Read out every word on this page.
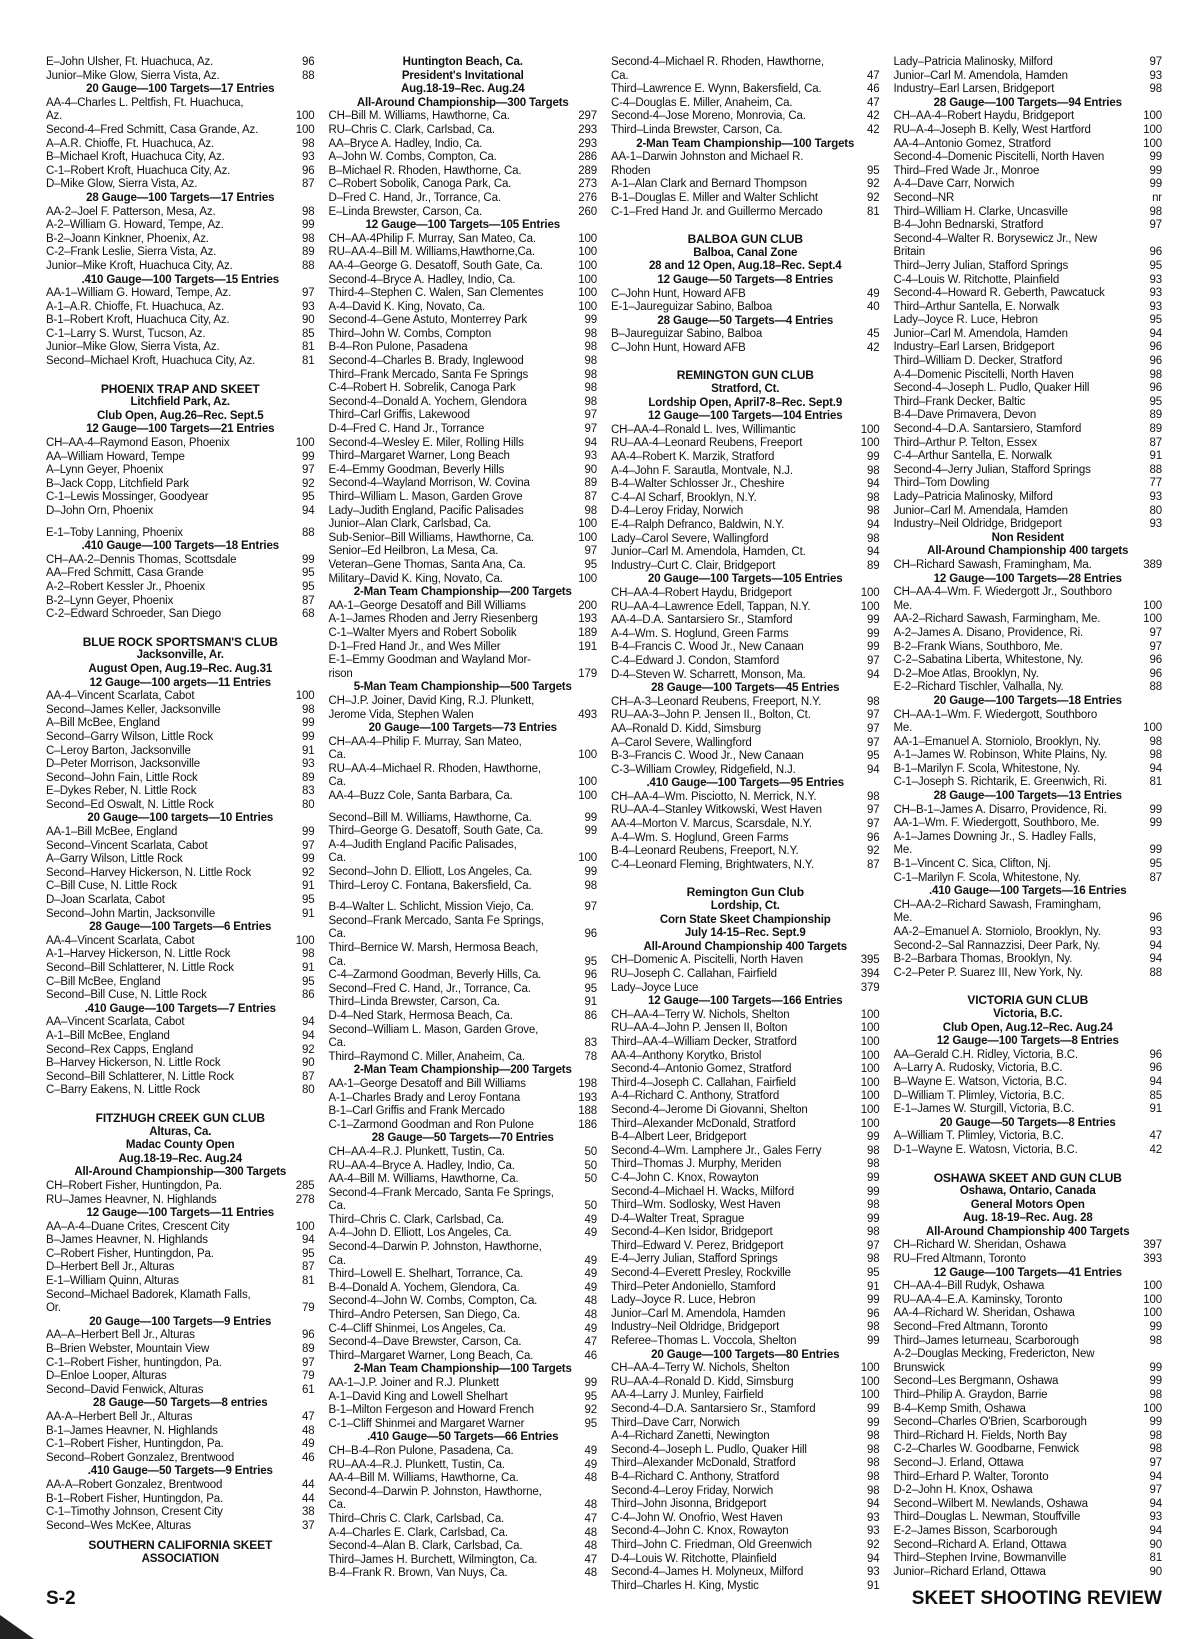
E–John Ulsher, Ft. Huachuca, Az.	96
Junior–Mike Glow, Sierra Vista, Az.	88
20 Gauge—100 Targets—17 Entries
AA-4–Charles L. Peltfish, Ft. Huachuca,
Az.	100
Second-4–Fred Schmitt, Casa Grande, Az.	100
A–A.R. Chioffe, Ft. Huachuca, Az.	98
B–Michael Kroft, Huachuca City, Az.	93
C-1–Robert Kroft, Huachuca City, Az.	96
D–Mike Glow, Sierra Vista, Az.	87
28 Gauge—100 Targets—17 Entries
AA-2–Joel F. Patterson, Mesa, Az.	98
A-2–William G. Howard, Tempe, Az.	99
B-2–Joann Kinkner, Phoenix, Az.	98
C-2–Frank Leslie, Sierra Vista, Az.	89
Junior–Mike Kroft, Huachuca City, Az.	88
.410 Gauge—100 Targets—15 Entries
AA-1–William G. Howard, Tempe, Az.	97
A-1–A.R. Chioffe, Ft. Huachuca, Az.	93
B-1–Robert Kroft, Huachuca City, Az.	90
C-1–Larry S. Wurst, Tucson, Az.	85
Junior–Mike Glow, Sierra Vista, Az.	81
Second–Michael Kroft, Huachuca City, Az.	81
PHOENIX TRAP AND SKEET
Litchfield Park, Az.
Club Open, Aug.26–Rec. Sept.5
12 Gauge—100 Targets—21 Entries
CH–AA-4–Raymond Eason, Phoenix	100
AA–William Howard, Tempe	99
A–Lynn Geyer, Phoenix	97
B–Jack Copp, Litchfield Park	92
C-1–Lewis Mossinger, Goodyear	95
D–John Orn, Phoenix	94
E-1–Toby Lanning, Phoenix	88
.410 Gauge—100 Targets—18 Entries
CH–AA-2–Dennis Thomas, Scottsdale	99
AA–Fred Schmitt, Casa Grande	95
A-2–Robert Kessler Jr., Phoenix	95
B-2–Lynn Geyer, Phoenix	87
C-2–Edward Schroeder, San Diego	68
BLUE ROCK SPORTSMAN'S CLUB
Jacksonville, Ar.
August Open, Aug.19–Rec. Aug.31
12 Gauge—100 argets—11 Entries
AA-4–Vincent Scarlata, Cabot	100
Second–James Keller, Jacksonville	98
A–Bill McBee, England	99
Second–Garry Wilson, Little Rock	99
C–Leroy Barton, Jacksonville	91
D–Peter Morrison, Jacksonville	93
Second–John Fain, Little Rock	89
E–Dykes Reber, N. Little Rock	83
Second–Ed Oswalt, N. Little Rock	80
20 Gauge—100 targets—10 Entries
AA-1–Bill McBee, England	99
Second–Vincent Scarlata, Cabot	97
A–Garry Wilson, Little Rock	99
Second–Harvey Hickerson, N. Little Rock	92
C–Bill Cuse, N. Little Rock	91
D–Joan Scarlata, Cabot	95
Second–John Martin, Jacksonville	91
28 Gauge—100 Targets—6 Entries
AA-4–Vincent Scarlata, Cabot	100
A-1–Harvey Hickerson, N. Little Rock	98
Second–Bill Schlatterer, N. Little Rock	91
C–Bill McBee, England	95
Second–Bill Cuse, N. Little Rock	86
.410 Gauge—100 Targets—7 Entries
AA–Vincent Scarlata, Cabot	94
A-1–Bill McBee, England	94
Second–Rex Capps, England	92
B–Harvey Hickerson, N. Little Rock	90
Second–Bill Schlatterer, N. Little Rock	87
C–Barry Eakens, N. Little Rock	80
FITZHUGH CREEK GUN CLUB
Alturas, Ca.
Madac County Open
Aug.18-19–Rec. Aug.24
All-Around Championship—300 Targets
CH–Robert Fisher, Huntingdon, Pa.	285
RU–James Heavner, N. Highlands	278
12 Gauge—100 Targets—11 Entries
AA–A-4–Duane Crites, Crescent City	100
B–James Heavner, N. Highlands	94
C–Robert Fisher, Huntingdon, Pa.	95
D–Herbert Bell Jr., Alturas	87
E-1–William Quinn, Alturas	81
Second–Michael Badorek, Klamath Falls,
Or.	79
20 Gauge—100 Targets—9 Entries
AA–A–Herbert Bell Jr., Alturas	96
B–Brien Webster, Mountain View	89
C-1–Robert Fisher, huntingdon, Pa.	97
D–Enloe Looper, Alturas	79
Second–David Fenwick, Alturas	61
28 Gauge—50 Targets—8 entries
AA-A–Herbert Bell Jr., Alturas	47
B-1–James Heavner, N. Highlands	48
C-1–Robert Fisher, Huntingdon, Pa.	49
Second–Robert Gonzalez, Brentwood	46
.410 Gauge—50 Targets—9 Entries
AA-A–Robert Gonzalez, Brentwood	44
B-1–Robert Fisher, Huntingdon, Pa.	44
C-1–Timothy Johnson, Cresent City	38
Second–Wes McKee, Alturas	37
SOUTHERN CALIFORNIA SKEET
ASSOCIATION
Huntington Beach, Ca.
President's Invitational
Aug.18-19–Rec. Aug.24
All-Around Championship—300 Targets
CH–Bill M. Williams, Hawthorne, Ca.	297
RU–Chris C. Clark, Carlsbad, Ca.	293
AA–Bryce A. Hadley, Indio, Ca.	293
A–John W. Combs, Compton, Ca.	286
B–Michael R. Rhoden, Hawthorne, Ca.	289
C–Robert Sobolik, Canoga Park, Ca.	273
D–Fred C. Hand, Jr., Torrance, Ca.	276
E–Linda Brewster, Carson, Ca.	260
12 Gauge—100 Targets—105 Entries
CH–AA-4Philip F. Murray, San Mateo, Ca.	100
RU–AA-4–Bill M. Williams,Hawthorne,Ca.	100
AA-4–George G. Desatoff, South Gate, Ca.	100
Second-4–Bryce A. Hadley, Indio, Ca.	100
Third-4–Stephen C. Walen, San Clementes	100
A-4–David K. King, Novato, Ca.	100
Second-4–Gene Astuto, Monterrey Park	99
Third–John W. Combs, Compton	98
B-4–Ron Pulone, Pasadena	98
Second-4–Charles B. Brady, Inglewood	98
Third–Frank Mercado, Santa Fe Springs	98
C-4–Robert H. Sobrelik, Canoga Park	98
Second-4–Donald A. Yochem, Glendora	98
Third–Carl Griffis, Lakewood	97
D-4–Fred C. Hand Jr., Torrance	97
Second-4–Wesley E. Miler, Rolling Hills	94
Third–Margaret Warner, Long Beach	93
E-4–Emmy Goodman, Beverly Hills	90
Second-4–Wayland Morrison, W. Covina	89
Third–William L. Mason, Garden Grove	87
Lady–Judith England, Pacific Palisades	98
Junior–Alan Clark, Carlsbad, Ca.	100
Sub-Senior–Bill Williams, Hawthorne, Ca.	100
Senior–Ed Heilbron, La Mesa, Ca.	97
Veteran–Gene Thomas, Santa Ana, Ca.	95
Military–David K. King, Novato, Ca.	100
2-Man Team Championship—200 Targets
AA-1–George Desatoff and Bill Williams	200
A-1–James Rhoden and Jerry Riesenberg	193
C-1–Walter Myers and Robert Sobolik	189
D-1–Fred Hand Jr., and Wes Miller	191
E-1–Emmy Goodman and Wayland Mor-
rison	179
5-Man Team Championship—500 Targets
CH–J.P. Joiner, David King, R.J. Plunkett,
Jerome Vida, Stephen Walen	493
20 Gauge—100 Targets—73 Entries
CH–AA-4–Philip F. Murray, San Mateo,
Ca.	100
RU–AA-4–Michael R. Rhoden, Hawthorne,
Ca.	100
AA-4–Buzz Cole, Santa Barbara, Ca.	100
Second–Bill M. Williams, Hawthorne, Ca.	99
Third–George G. Desatoff, South Gate, Ca.	99
A-4–Judith England Pacific Palisades,
Ca.	100
Second–John D. Elliott, Los Angeles, Ca.	99
Third–Leroy C. Fontana, Bakersfield, Ca.	98
B-4–Walter L. Schlicht, Mission Viejo, Ca.	97
Second–Frank Mercado, Santa Fe Springs,
Ca.	96
Third–Bernice W. Marsh, Hermosa Beach,
Ca.	95
C-4–Zarmond Goodman, Beverly Hills, Ca.	96
Second–Fred C. Hand, Jr., Torrance, Ca.	95
Third–Linda Brewster, Carson, Ca.	91
D-4–Ned Stark, Hermosa Beach, Ca.	86
Second–William L. Mason, Garden Grove,
Ca.	83
Third–Raymond C. Miller, Anaheim, Ca.	78
2-Man Team Championship—200 Targets
AA-1–George Desatoff and Bill Williams	198
A-1–Charles Brady and Leroy Fontana	193
B-1–Carl Griffis and Frank Mercado	188
C-1–Zarmond Goodman and Ron Pulone	186
28 Gauge—50 Targets—70 Entries
CH–AA-4–R.J. Plunkett, Tustin, Ca.	50
RU–AA-4–Bryce A. Hadley, Indio, Ca.	50
AA-4–Bill M. Williams, Hawthorne, Ca.	50
Second-4–Frank Mercado, Santa Fe Springs,
Ca.	50
Third–Chris C. Clark, Carlsbad, Ca.	49
A-4–John D. Elliott, Los Angeles, Ca.	49
Second-4–Darwin P. Johnston, Hawthorne,
Ca.	49
Third–Lowell E. Shelhart, Torrance, Ca.	49
B-4–Donald A. Yochem, Glendora, Ca.	49
Second-4–John W. Combs, Compton, Ca.	48
Third–Andro Petersen, San Diego, Ca.	48
C-4–Cliff Shinmei, Los Angeles, Ca.	49
Second-4–Dave Brewster, Carson, Ca.	47
Third–Margaret Warner, Long Beach, Ca.	46
2-Man Team Championship—100 Targets
AA-1–J.P. Joiner and R.J. Plunkett	99
A-1–David King and Lowell Shelhart	95
B-1–Milton Fergeson and Howard French	92
C-1–Cliff Shinmei and Margaret Warner	95
.410 Gauge—50 Targets—66 Entries
CH–B-4–Ron Pulone, Pasadena, Ca.	49
RU–AA-4–R.J. Plunkett, Tustin, Ca.	49
AA-4–Bill M. Williams, Hawthorne, Ca.	48
Second-4–Darwin P. Johnston, Hawthorne,
Ca.	48
Third–Chris C. Clark, Carlsbad, Ca.	47
A-4–Charles E. Clark, Carlsbad, Ca.	48
Second-4–Alan B. Clark, Carlsbad, Ca.	48
Third–James H. Burchett, Wilmington, Ca.	47
B-4–Frank R. Brown, Van Nuys, Ca.	48
Second-4–Michael R. Rhoden, Hawthorne,
Ca.	47
Third–Lawrence E. Wynn, Bakersfield, Ca.	46
C-4–Douglas E. Miller, Anaheim, Ca.	47
Second-4–Jose Moreno, Monrovia, Ca.	42
Third–Linda Brewster, Carson, Ca.	42
2-Man Team Championship—100 Targets
AA-1–Darwin Johnston and Michael R.
Rhoden	95
A-1–Alan Clark and Bernard Thompson	92
B-1–Douglas E. Miller and Walter Schlicht	92
C-1–Fred Hand Jr. and Guillermo Mercado	81
BALBOA GUN CLUB
Balboa, Canal Zone
28 and 12 Open, Aug.18–Rec. Sept.4
12 Gauge—50 Targets—8 Entries
C–John Hunt, Howard AFB	49
E-1–Jaureguizar Sabino, Balboa	40
28 Gauge—50 Targets—4 Entries
B–Jaureguizar Sabino, Balboa	45
C–John Hunt, Howard AFB	42
REMINGTON GUN CLUB
Stratford, Ct.
Lordship Open, April7-8–Rec. Sept.9
12 Gauge—100 Targets—104 Entries
CH–AA-4–Ronald L. Ives, Willimantic	100
RU–AA-4–Leonard Reubens, Freeport	100
AA-4–Robert K. Marzik, Stratford	99
A-4–John F. Sarautla, Montvale, N.J.	98
B-4–Walter Schlosser Jr., Cheshire	94
C-4–Al Scharf, Brooklyn, N.Y.	98
D-4–Leroy Friday, Norwich	98
E-4–Ralph Defranco, Baldwin, N.Y.	94
Lady–Carol Severe, Wallingford	98
Junior–Carl M. Amendola, Hamden, Ct.	94
Industry–Curt C. Clair, Bridgeport	89
20 Gauge—100 Targets—105 Entries
CH–AA-4–Robert Haydu, Bridgeport	100
RU–AA-4–Lawrence Edell, Tappan, N.Y.	100
AA-4–D.A. Santarsiero Sr., Stamford	99
A-4–Wm. S. Hoglund, Green Farms	99
B-4–Francis C. Wood Jr., New Canaan	99
C-4–Edward J. Condon, Stamford	97
D-4–Steven W. Scharrett, Monson, Ma.	94
28 Gauge—100 Targets—45 Entries
CH–A-3–Leonard Reubens, Freeport, N.Y.	98
RU–AA-3–John P. Jensen II., Bolton, Ct.	97
AA–Ronald D. Kidd, Simsburg	97
A–Carol Severe, Wallingford	97
B-3–Francis C. Wood Jr., New Canaan	95
C-3–William Crowley, Ridgefield, N.J.	94
.410 Gauge—100 Targets—95 Entries
CH–AA-4–Wm. Pisciotto, N. Merrick, N.Y.	98
RU–AA-4–Stanley Witkowski, West Haven	97
AA-4–Morton V. Marcus, Scarsdale, N.Y.	97
A-4–Wm. S. Hoglund, Green Farms	96
B-4–Leonard Reubens, Freeport, N.Y.	92
C-4–Leonard Fleming, Brightwaters, N.Y.	87
Remington Gun Club
Lordship, Ct.
Corn State Skeet Championship
July 14-15–Rec. Sept.9
All-Around Championship 400 Targets
CH–Domenic A. Piscitelli, North Haven	395
RU–Joseph C. Callahan, Fairfield	394
Lady–Joyce Luce	379
12 Gauge—100 Targets—166 Entries
CH–AA-4–Terry W. Nichols, Shelton	100
RU–AA-4–John P. Jensen II, Bolton	100
Third–AA-4–William Decker, Stratford	100
AA-4–Anthony Korytko, Bristol	100
Second-4–Antonio Gomez, Stratford	100
Third-4–Joseph C. Callahan, Fairfield	100
A-4–Richard C. Anthony, Stratford	100
Second-4–Jerome Di Giovanni, Shelton	100
Third–Alexander McDonald, Stratford	100
B-4–Albert Leer, Bridgeport	99
Second-4–Wm. Lamphere Jr., Gales Ferry	98
Third–Thomas J. Murphy, Meriden	98
C-4–John C. Knox, Rowayton	99
Second-4–Michael H. Wacks, Milford	99
Third–Wm. Sodlosky, West Haven	98
D-4–Walter Treat, Sprague	99
Second-4–Ken Isidor, Bridgeport	98
Third–Edward V. Perez, Bridgeport	97
E-4–Jerry Julian, Stafford Springs	98
Second-4–Everett Presley, Rockville	95
Third–Peter Andoniello, Stamford	91
Lady–Joyce R. Luce, Hebron	99
Junior–Carl M. Amendola, Hamden	96
Industry–Neil Oldridge, Bridgeport	98
Referee–Thomas L. Voccola, Shelton	99
20 Gauge—100 Targets—80 Entries
CH–AA-4–Terry W. Nichols, Shelton	100
RU–AA-4–Ronald D. Kidd, Simsburg	100
AA-4–Larry J. Munley, Fairfield	100
Second-4–D.A. Santarsiero Sr., Stamford	99
Third–Dave Carr, Norwich	99
A-4–Richard Zanetti, Newington	98
Second-4–Joseph L. Pudlo, Quaker Hill	98
Third–Alexander McDonald, Stratford	98
B-4–Richard C. Anthony, Stratford	98
Second-4–Leroy Friday, Norwich	98
Third–John Jisonna, Bridgeport	94
C-4–John W. Onofrio, West Haven	93
Second-4–John C. Knox, Rowayton	93
Third–John C. Friedman, Old Greenwich	92
D-4–Louis W. Ritchotte, Plainfield	94
Second-4–James H. Molyneux, Milford	93
Third–Charles H. King, Mystic	91
Lady–Patricia Malinosky, Milford	97
Junior–Carl M. Amendola, Hamden	93
Industry–Earl Larsen, Bridgeport	98
28 Gauge—100 Targets—94 Entries
CH–AA-4–Robert Haydu, Bridgeport	100
RU–A-4–Joseph B. Kelly, West Hartford	100
AA-4–Antonio Gomez, Stratford	100
Second-4–Domenic Piscitelli, North Haven	99
Third–Fred Wade Jr., Monroe	99
A-4–Dave Carr, Norwich	99
Second–NR	nr
Third–William H. Clarke, Uncasville	98
B-4–John Bednarski, Stratford	97
Second-4–Walter R. Borysewicz Jr., New
Britain	96
Third–Jerry Julian, Stafford Springs	95
C-4–Louis W. Ritchotte, Plainfield	93
Second-4–Howard R. Geberth, Pawcatuck	93
Third–Arthur Santella, E. Norwalk	93
Lady–Joyce R. Luce, Hebron	95
Junior–Carl M. Amendola, Hamden	94
Industry–Earl Larsen, Bridgeport	96
Third–William D. Decker, Stratford	96
A-4–Domenic Piscitelli, North Haven	98
Second-4–Joseph L. Pudlo, Quaker Hill	96
Third–Frank Decker, Baltic	95
B-4–Dave Primavera, Devon	89
Second-4–D.A. Santarsiero, Stamford	89
Third–Arthur P. Telton, Essex	87
C-4–Arthur Santella, E. Norwalk	91
Second-4–Jerry Julian, Stafford Springs	88
Third–Tom Dowling	77
Lady–Patricia Malinosky, Milford	93
Junior–Carl M. Amendala, Hamden	80
Industry–Neil Oldridge, Bridgeport	93
Non Resident
All-Around Championship 400 targets
CH–Richard Sawash, Framingham, Ma.	389
12 Gauge—100 Targets—28 Entries
CH–AA-4–Wm. F. Wiedergott Jr., Southboro
Me.	100
AA-2–Richard Sawash, Farmingham, Me.	100
A-2–James A. Disano, Providence, Ri.	97
B-2–Frank Wians, Southboro, Me.	97
C-2–Sabatina Liberta, Whitestone, Ny.	96
D-2–Moe Atlas, Brooklyn, Ny.	96
E-2–Richard Tischler, Valhalla, Ny.	88
20 Gauge—100 Targets—18 Entries
CH–AA-1–Wm. F. Wiedergott, Southboro
Me.	100
AA-1–Emanuel A. Storniolo, Brooklyn, Ny.	98
A-1–James W. Robinson, White Plains, Ny.	98
B-1–Marilyn F. Scola, Whitestone, Ny.	94
C-1–Joseph S. Richtarik, E. Greenwich, Ri.	81
28 Gauge—100 Targets—13 Entries
CH–B-1–James A. Disarro, Providence, Ri.	99
AA-1–Wm. F. Wiedergott, Southboro, Me.	99
A-1–James Downing Jr., S. Hadley Falls,
Me.	99
B-1–Vincent C. Sica, Clifton, Nj.	95
C-1–Marilyn F. Scola, Whitestone, Ny.	87
.410 Gauge—100 Targets—16 Entries
CH–AA-2–Richard Sawash, Framingham,
Me.	96
AA-2–Emanuel A. Storniolo, Brooklyn, Ny.	93
Second-2–Sal Rannazzisi, Deer Park, Ny.	94
B-2–Barbara Thomas, Brooklyn, Ny.	94
C-2–Peter P. Suarez III, New York, Ny.	88
VICTORIA GUN CLUB
Victoria, B.C.
Club Open, Aug.12–Rec. Aug.24
12 Gauge—100 Targets—8 Entries
AA–Gerald C.H. Ridley, Victoria, B.C.	96
A–Larry A. Rudosky, Victoria, B.C.	96
B–Wayne E. Watson, Victoria, B.C.	94
D–William T. Plimley, Victoria, B.C.	85
E-1–James W. Sturgill, Victoria, B.C.	91
20 Gauge—50 Targets—8 Entries
A–William T. Plimley, Victoria, B.C.	47
D-1–Wayne E. Watosn, Victoria, B.C.	42
OSHAWA SKEET AND GUN CLUB
Oshawa, Ontario, Canada
General Motors Open
Aug. 18-19–Rec. Aug. 28
All-Around Championship 400 Targets
CH–Richard W. Sheridan, Oshawa	397
RU–Fred Altmann, Toronto	393
12 Gauge—100 Targets—41 Entries
CH–AA-4–Bill Rudyk, Oshawa	100
RU–AA-4–E.A. Kaminsky, Toronto	100
AA-4–Richard W. Sheridan, Oshawa	100
Second–Fred Altmann, Toronto	99
Third–James Ieturneau, Scarborough	98
A-2–Douglas Mecking, Fredericton, New
Brunswick	99
Second–Les Bergmann, Oshawa	99
Third–Philip A. Graydon, Barrie	98
B-4–Kemp Smith, Oshawa	100
Second–Charles O'Brien, Scarborough	99
Third–Richard H. Fields, North Bay	98
C-2–Charles W. Goodbarne, Fenwick	98
Second–J. Erland, Ottawa	97
Third–Erhard P. Walter, Toronto	94
D-2–John H. Knox, Oshawa	97
Second–Wilbert M. Newlands, Oshawa	94
Third–Douglas L. Newman, Stouffville	93
E-2–James Bisson, Scarborough	94
Second–Richard A. Erland, Ottawa	90
Third–Stephen Irvine, Bowmanville	81
Junior–Richard Erland, Ottawa	90
S-2	SKEET SHOOTING REVIEW
